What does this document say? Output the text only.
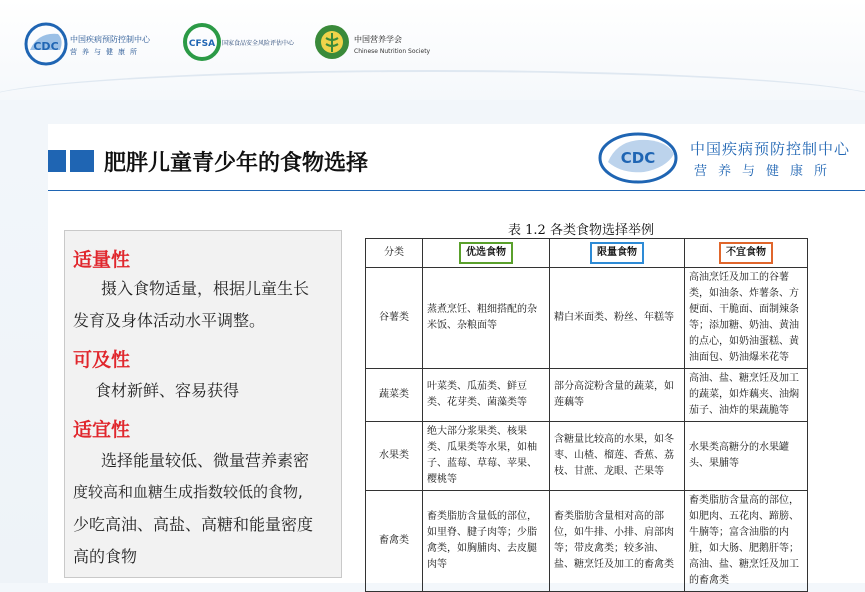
CDC
中国疾病预防控制中心
营养与健康所
CFSA 国家食品安全风险评估中心	中国营养学会
Chinese Nutrition Society
肥胖儿童青少年的食物选择	CDC 中国疾病预防控制中心
营养与健康所
适量性
摄入食物适量，根据儿童生长
发育及身体活动水平调整。
可及性
食材新鲜、容易获得
适宜性
选择能量较低、微量营养素密
度较高和血糖生成指数较低的食物,
少吃高油、高盐、高糖和能量密度
高的食物
表 1.2 各类食物选择举例
分类	优选食物	限量食物	不宜食物
谷薯类	蒸煮烹饪、粗细搭配的杂米饭、杂粮面等	精白米面类、粉丝、年糕等	高油烹饪及加工的谷薯类，如油条、炸薯条、方便面、干脆面、面制辣条等；添加糖、奶油、黄油的点心，如奶油蛋糕、黄油面包、奶油爆米花等
蔬菜类	叶菜类、瓜茄类、鲜豆类、花芽类、菌藻类等	部分高淀粉含量的蔬菜，如莲藕等	高油、盐、糖烹饪及加工的蔬菜，如炸藕夹、油焖茄子、油炸的果蔬脆等
水果类	绝大部分浆果类、核果类、瓜果类等水果，如柚子、蓝莓、草莓、苹果、樱桃等	含糖量比较高的水果，如冬枣、山楂、榴莲、香蕉、荔枝、甘蔗、龙眼、芒果等	水果类高糖分的水果罐头、果脯等
畜禽类	畜类脂肪含量低的部位，如里脊、腱子肉等；少脂禽类，如胸脯肉、去皮腿肉等	畜类脂肪含量相对高的部位，如牛排、小排、肩部肉等；带皮禽类；较多油、盐、糖烹饪及加工的畜禽类	畜类脂肪含量高的部位，如肥肉、五花肉、蹄膀、牛腩等；富含油脂的内脏，如大肠、肥鹅肝等；高油、盐、糖烹饪及加工的畜禽类
